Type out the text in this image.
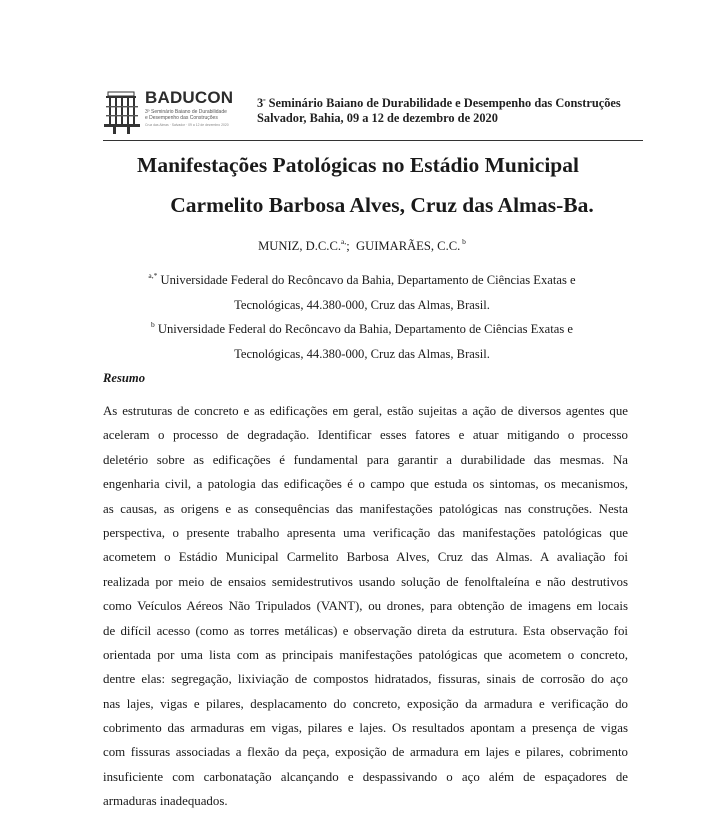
BADUCON
3º Seminário Baiano de Durabilidade
e Desempenho das Construções
Cruz das Almas · Salvador · 09 a 12 de dezembro 2020
$3^º$ Seminário Baiano de Durabilidade e Desempenho das Construções
Salvador, Bahia, 09 a 12 de dezembro de 2020
Manifestações Patológicas no Estádio Municipal
Carmelito Barbosa Alves, Cruz das Almas-Ba.
MUNIZ, D.C.C.$^{a,}$;  GUIMARÃES, C.C. $^b$
$^{a,*}$ Universidade Federal do Recôncavo da Bahia, Departamento de Ciências Exatas e
Tecnológicas, 44.380-000, Cruz das Almas, Brasil.
$^b$ Universidade Federal do Recôncavo da Bahia, Departamento de Ciências Exatas e
Tecnológicas, 44.380-000, Cruz das Almas, Brasil.
Resumo
As estruturas de concreto e as edificações em geral, estão sujeitas a ação de diversos agentes que
aceleram o processo de degradação. Identificar esses fatores e atuar mitigando o processo
deletério sobre as edificações é fundamental para garantir a durabilidade das mesmas. Na
engenharia civil, a patologia das edificações é o campo que estuda os sintomas, os mecanismos,
as causas, as origens e as consequências das manifestações patológicas nas construções. Nesta
perspectiva, o presente trabalho apresenta uma verificação das manifestações patológicas que
acometem o Estádio Municipal Carmelito Barbosa Alves, Cruz das Almas. A avaliação foi
realizada por meio de ensaios semidestrutivos usando solução de fenolftaleína e não destrutivos
como Veículos Aéreos Não Tripulados (VANT), ou drones, para obtenção de imagens em locais
de difícil acesso (como as torres metálicas) e observação direta da estrutura. Esta observação foi
orientada por uma lista com as principais manifestações patológicas que acometem o concreto,
dentre elas: segregação, lixiviação de compostos hidratados, fissuras, sinais de corrosão do aço
nas lajes, vigas e pilares, desplacamento do concreto, exposição da armadura e verificação do
cobrimento das armaduras em vigas, pilares e lajes. Os resultados apontam a presença de vigas
com fissuras associadas a flexão da peça, exposição de armadura em lajes e pilares, cobrimento
insuficiente com carbonatação alcançando e despassivando o aço além de espaçadores de
armaduras inadequados.
